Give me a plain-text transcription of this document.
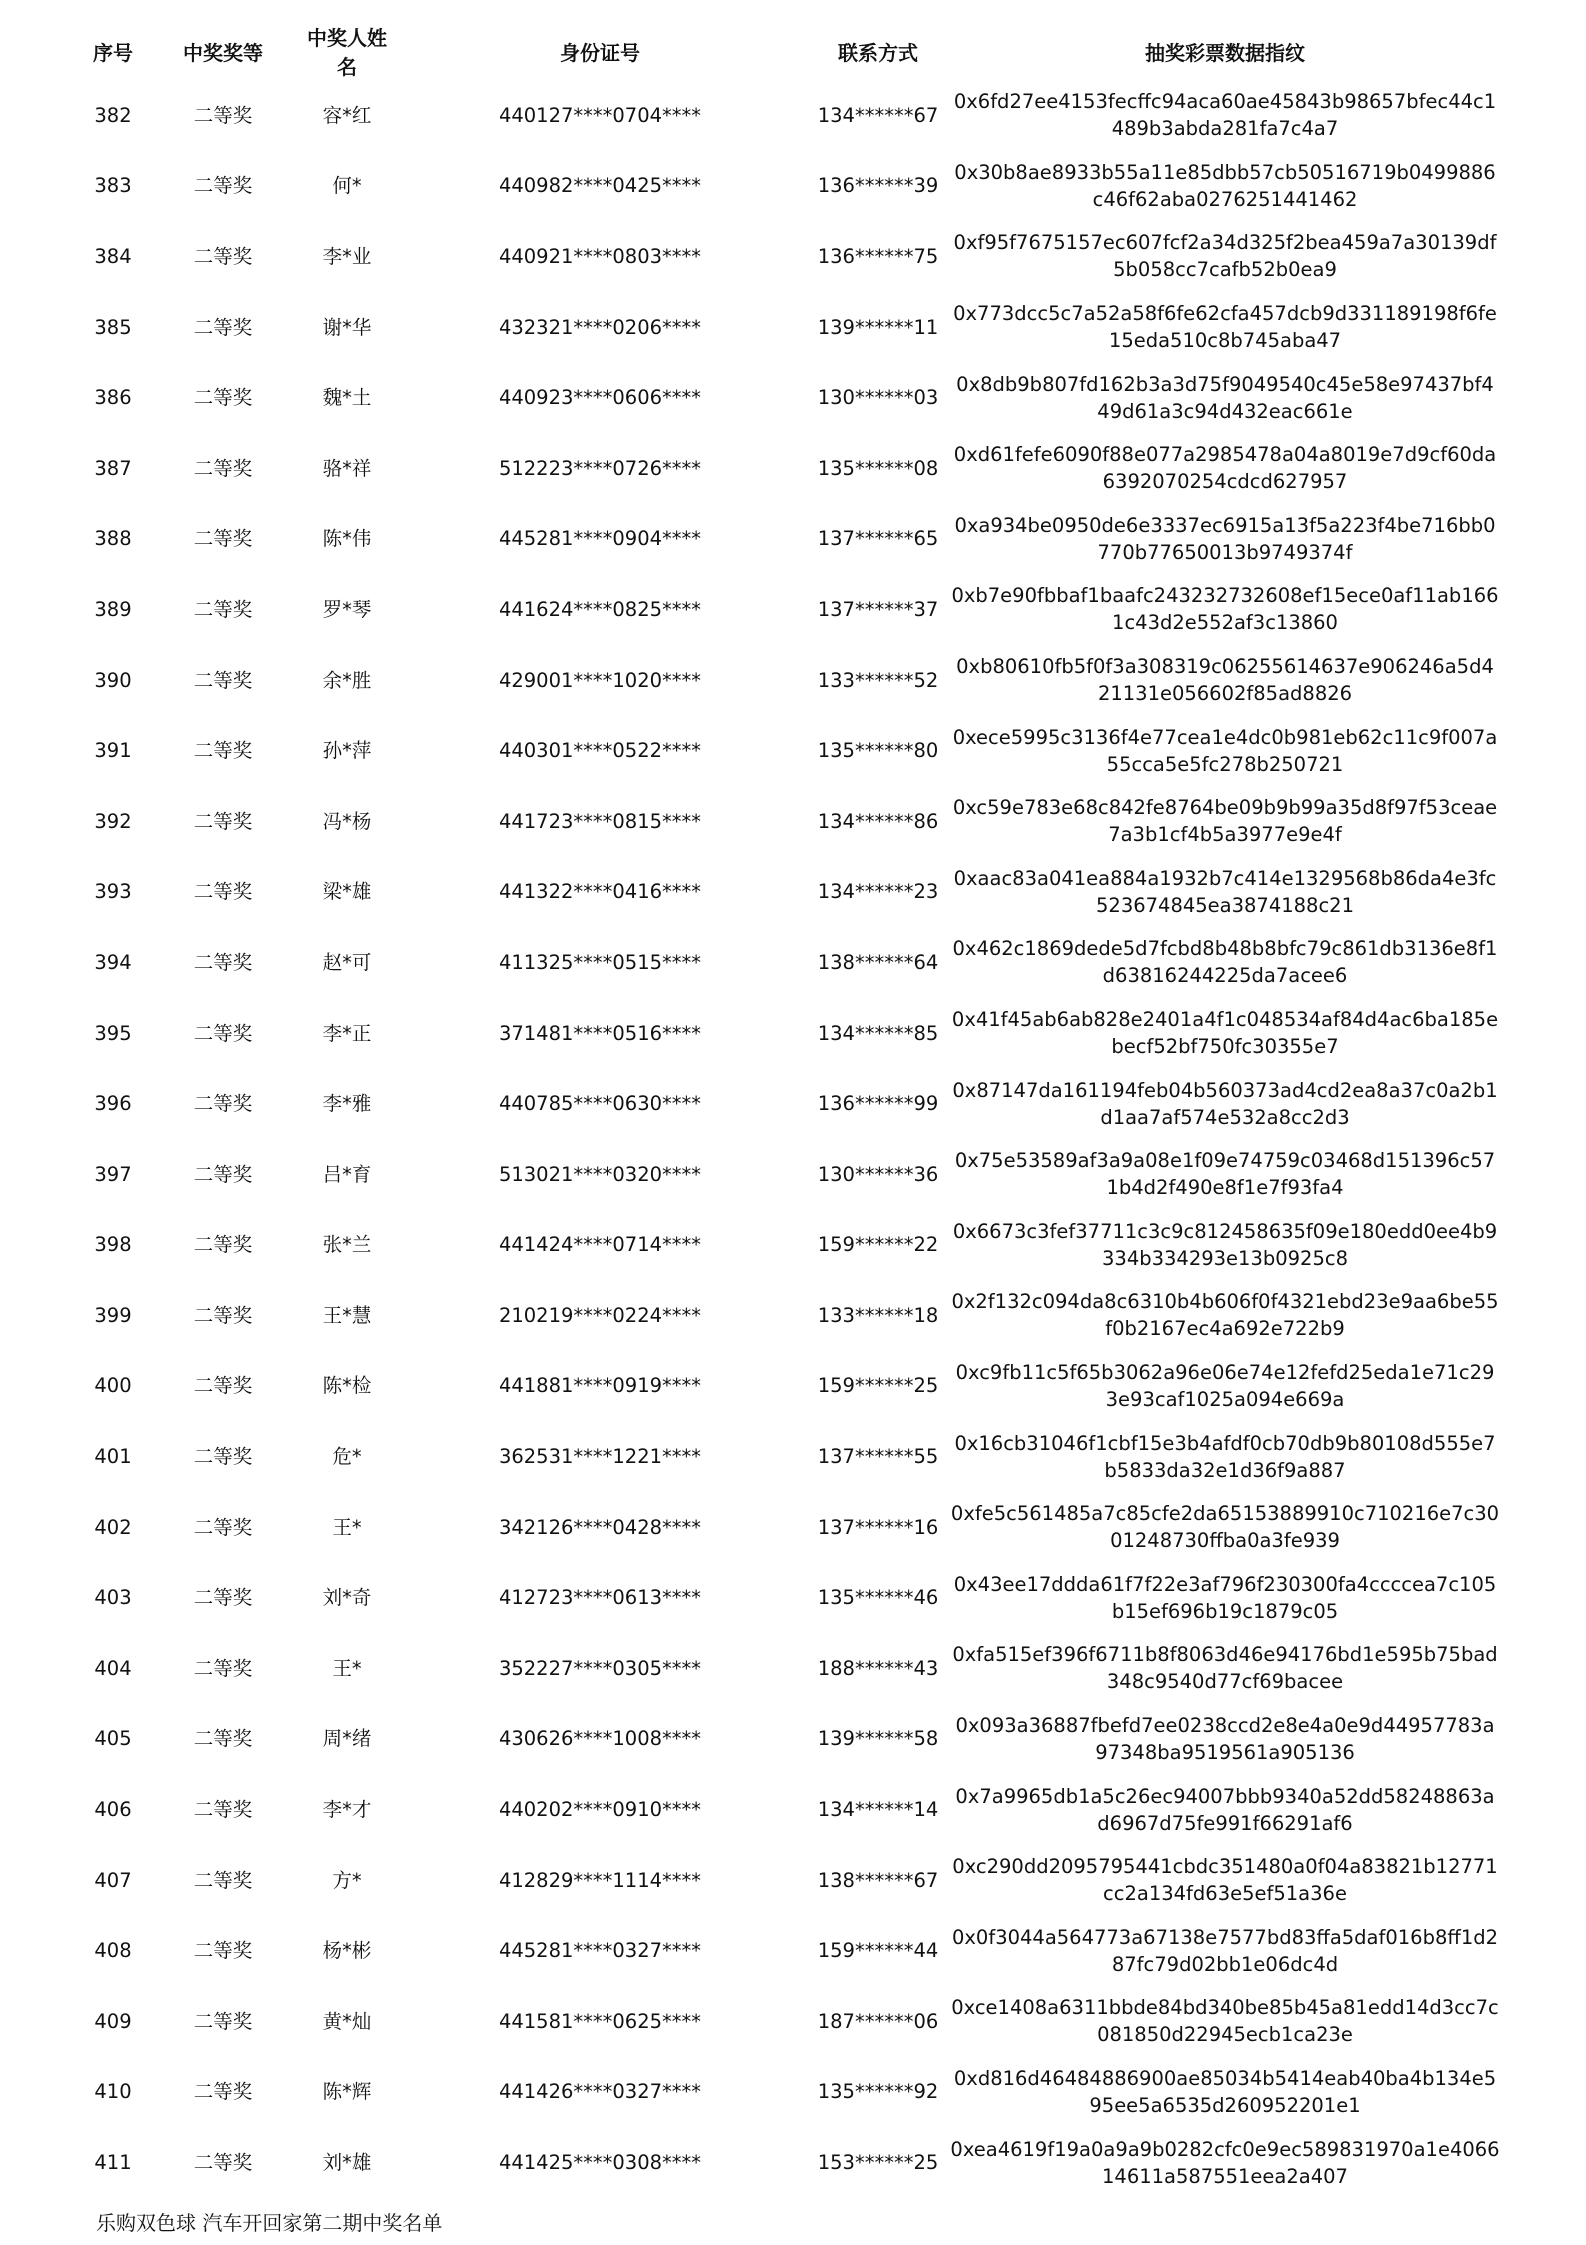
序号	中奖奖等	中奖人姓名	身份证号	联系方式	抽奖彩票数据指纹
382	二等奖	容*红	440127****0704****	134******67	0x6fd27ee4153fecffc94aca60ae45843b98657bfec44c1489b3abda281fa7c4a7
383	二等奖	何*	440982****0425****	136******39	0x30b8ae8933b55a11e85dbb57cb50516719b0499886c46f62aba0276251441462
384	二等奖	李*业	440921****0803****	136******75	0xf95f7675157ec607fcf2a34d325f2bea459a7a30139df5b058cc7cafb52b0ea9
385	二等奖	谢*华	432321****0206****	139******11	0x773dcc5c7a52a58f6fe62cfa457dcb9d331189198f6fe15eda510c8b745aba47
386	二等奖	魏*土	440923****0606****	130******03	0x8db9b807fd162b3a3d75f9049540c45e58e97437bf449d61a3c94d432eac661e
387	二等奖	骆*祥	512223****0726****	135******08	0xd61fefe6090f88e077a2985478a04a8019e7d9cf60da6392070254cdcd627957
388	二等奖	陈*伟	445281****0904****	137******65	0xa934be0950de6e3337ec6915a13f5a223f4be716bb0770b77650013b9749374f
389	二等奖	罗*琴	441624****0825****	137******37	0xb7e90fbbaf1baafc243232732608ef15ece0af11ab1661c43d2e552af3c13860
390	二等奖	余*胜	429001****1020****	133******52	0xb80610fb5f0f3a308319c06255614637e906246a5d421131e056602f85ad8826
391	二等奖	孙*萍	440301****0522****	135******80	0xece5995c3136f4e77cea1e4dc0b981eb62c11c9f007a55cca5e5fc278b250721
392	二等奖	冯*杨	441723****0815****	134******86	0xc59e783e68c842fe8764be09b9b99a35d8f97f53ceae7a3b1cf4b5a3977e9e4f
393	二等奖	梁*雄	441322****0416****	134******23	0xaac83a041ea884a1932b7c414e1329568b86da4e3fc523674845ea3874188c21
394	二等奖	赵*可	411325****0515****	138******64	0x462c1869dede5d7fcbd8b48b8bfc79c861db3136e8f1d63816244225da7acee6
395	二等奖	李*正	371481****0516****	134******85	0x41f45ab6ab828e2401a4f1c048534af84d4ac6ba185ebecf52bf750fc30355e7
396	二等奖	李*雅	440785****0630****	136******99	0x87147da161194feb04b560373ad4cd2ea8a37c0a2b1d1aa7af574e532a8cc2d3
397	二等奖	吕*育	513021****0320****	130******36	0x75e53589af3a9a08e1f09e74759c03468d151396c571b4d2f490e8f1e7f93fa4
398	二等奖	张*兰	441424****0714****	159******22	0x6673c3fef37711c3c9c812458635f09e180edd0ee4b9334b334293e13b0925c8
399	二等奖	王*慧	210219****0224****	133******18	0x2f132c094da8c6310b4b606f0f4321ebd23e9aa6be55f0b2167ec4a692e722b9
400	二等奖	陈*检	441881****0919****	159******25	0xc9fb11c5f65b3062a96e06e74e12fefd25eda1e71c293e93caf1025a094e669a
401	二等奖	危*	362531****1221****	137******55	0x16cb31046f1cbf15e3b4afdf0cb70db9b80108d555e7b5833da32e1d36f9a887
402	二等奖	王*	342126****0428****	137******16	0xfe5c561485a7c85cfe2da65153889910c710216e7c3001248730ffba0a3fe939
403	二等奖	刘*奇	412723****0613****	135******46	0x43ee17ddda61f7f22e3af796f230300fa4ccccea7c105b15ef696b19c1879c05
404	二等奖	王*	352227****0305****	188******43	0xfa515ef396f6711b8f8063d46e94176bd1e595b75bad348c9540d77cf69bacee
405	二等奖	周*绪	430626****1008****	139******58	0x093a36887fbefd7ee0238ccd2e8e4a0e9d44957783a97348ba9519561a905136
406	二等奖	李*才	440202****0910****	134******14	0x7a9965db1a5c26ec94007bbb9340a52dd58248863ad6967d75fe991f66291af6
407	二等奖	方*	412829****1114****	138******67	0xc290dd2095795441cbdc351480a0f04a83821b12771cc2a134fd63e5ef51a36e
408	二等奖	杨*彬	445281****0327****	159******44	0x0f3044a564773a67138e7577bd83ffa5daf016b8ff1d287fc79d02bb1e06dc4d
409	二等奖	黄*灿	441581****0625****	187******06	0xce1408a6311bbde84bd340be85b45a81edd14d3cc7c081850d22945ecb1ca23e
410	二等奖	陈*辉	441426****0327****	135******92	0xd816d46484886900ae85034b5414eab40ba4b134e595ee5a6535d260952201e1
411	二等奖	刘*雄	441425****0308****	153******25	0xea4619f19a0a9a9b0282cfc0e9ec589831970a1e406614611a587551eea2a407
乐购双色球 汽车开回家第二期中奖名单
